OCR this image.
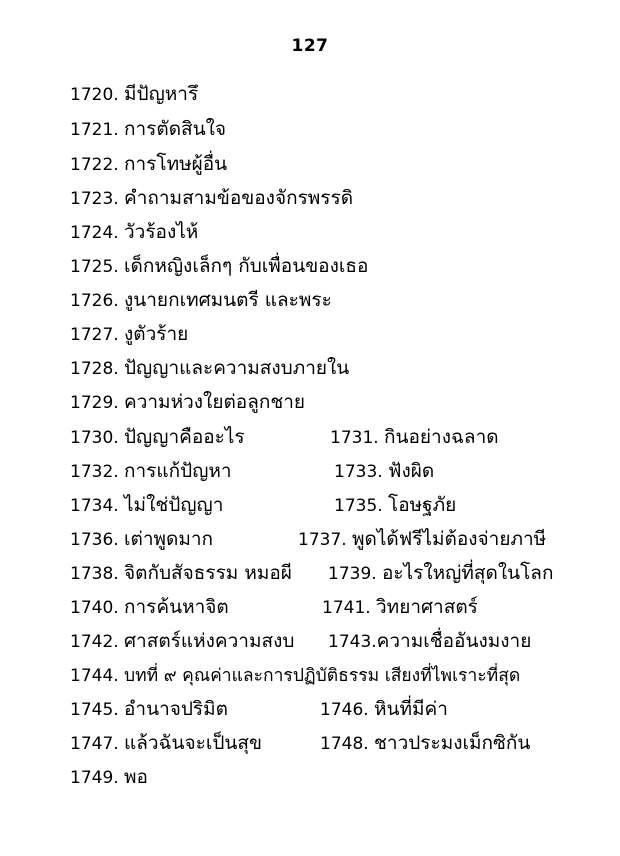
127
1720. มีปัญหารึ
1721. การตัดสินใจ
1722. การโทษผู้อื่น
1723. คำถามสามข้อของจักรพรรดิ
1724. วัวร้องไห้
1725. เด็กหญิงเล็กๆ กับเพื่อนของเธอ
1726. งูนายกเทศมนตรี และพระ
1727. งูตัวร้าย
1728. ปัญญาและความสงบภายใน
1729. ความห่วงใยต่อลูกชาย
1730. ปัญญาคืออะไร	1731. กินอย่างฉลาด
1732. การแก้ปัญหา	1733. ฟังผิด
1734. ไม่ใช่ปัญญา	1735. โอษฐภัย
1736. เต่าพูดมาก	1737. พูดได้ฟรีไม่ต้องจ่ายภาษี
1738. จิตกับสัจธรรม หมอผี 1739. อะไรใหญ่ที่สุดในโลก
1740. การค้นหาจิต	1741. วิทยาศาสตร์
1742. ศาสตร์แห่งความสงบ 1743.ความเชื่ออันงมงาย
1744. บทที่ ๙ คุณค่าและการปฏิบัติธรรม เสียงที่ไพเราะที่สุด
1745. อำนาจปริมิต	1746. หินที่มีค่า
1747. แล้วฉันจะเป็นสุข	1748. ชาวประมงเม็กซิกัน
1749. พอ
